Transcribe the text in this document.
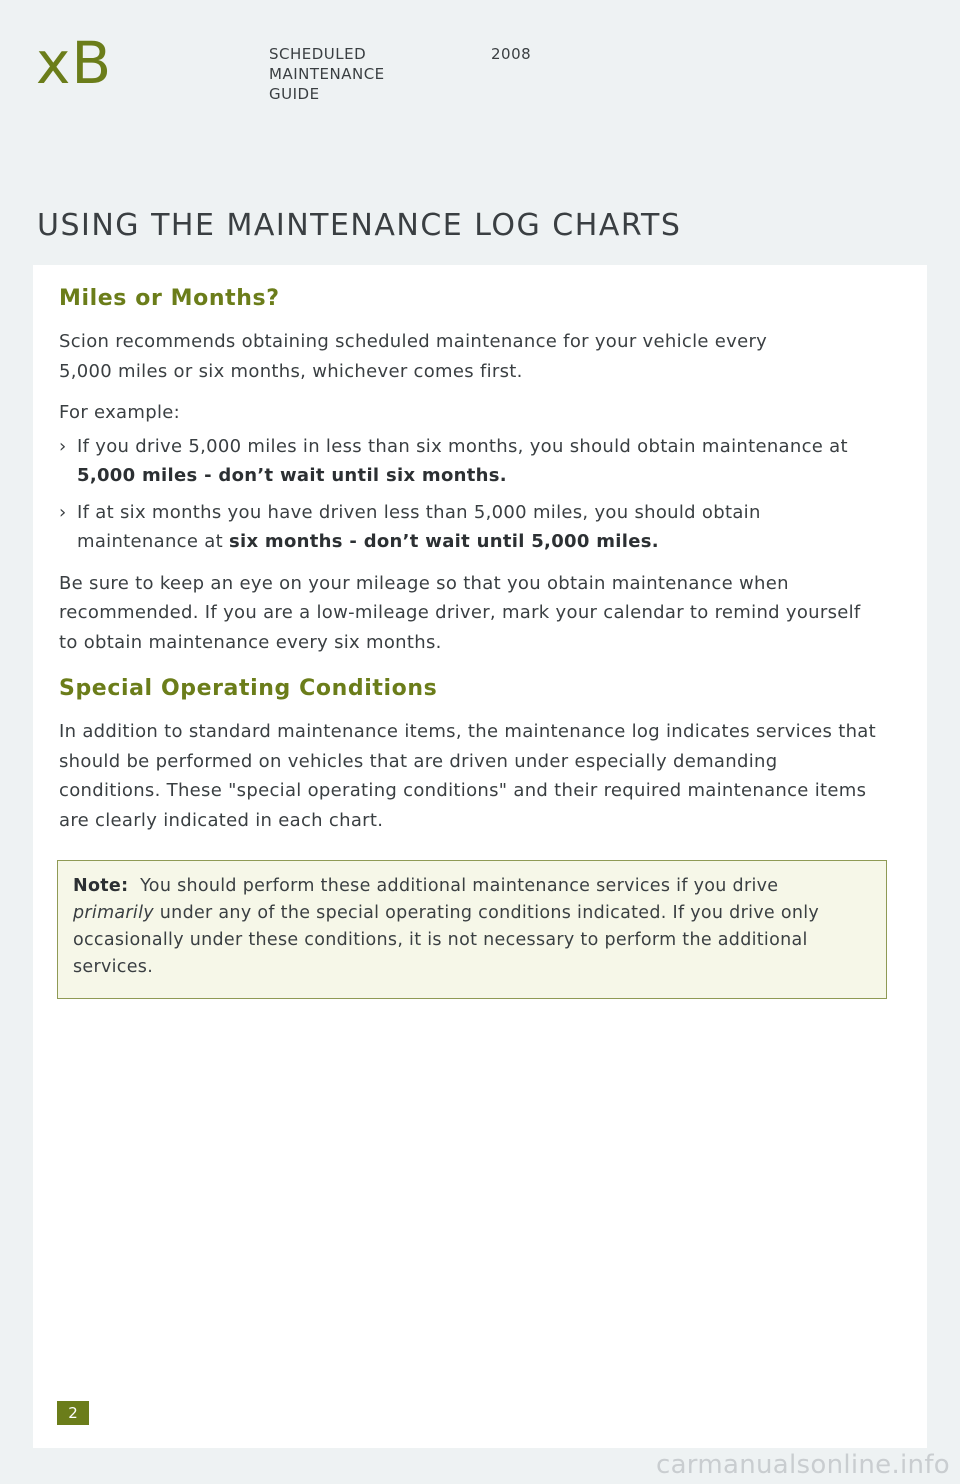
xB	SCHEDULED
MAINTENANCE
GUIDE
2008
USING THE MAINTENANCE LOG CHARTS
Miles or Months?

Scion recommends obtaining scheduled maintenance for your vehicle every
5,000 miles or six months, whichever comes first.

For example:

› If you drive 5,000 miles in less than six months, you should obtain maintenance at
5,000 miles - don’t wait until six months.
› If at six months you have driven less than 5,000 miles, you should obtain
maintenance at six months - don’t wait until 5,000 miles.

Be sure to keep an eye on your mileage so that you obtain maintenance when
recommended. If you are a low-mileage driver, mark your calendar to remind yourself
to obtain maintenance every six months.

Special Operating Conditions

In addition to standard maintenance items, the maintenance log indicates services that
should be performed on vehicles that are driven under especially demanding
conditions. These "special operating conditions" and their required maintenance items
are clearly indicated in each chart.

Note: You should perform these additional maintenance services if you drive
primarily under any of the special operating conditions indicated. If you drive only
occasionally under these conditions, it is not necessary to perform the additional
services.
2
carmanualsonline.info
